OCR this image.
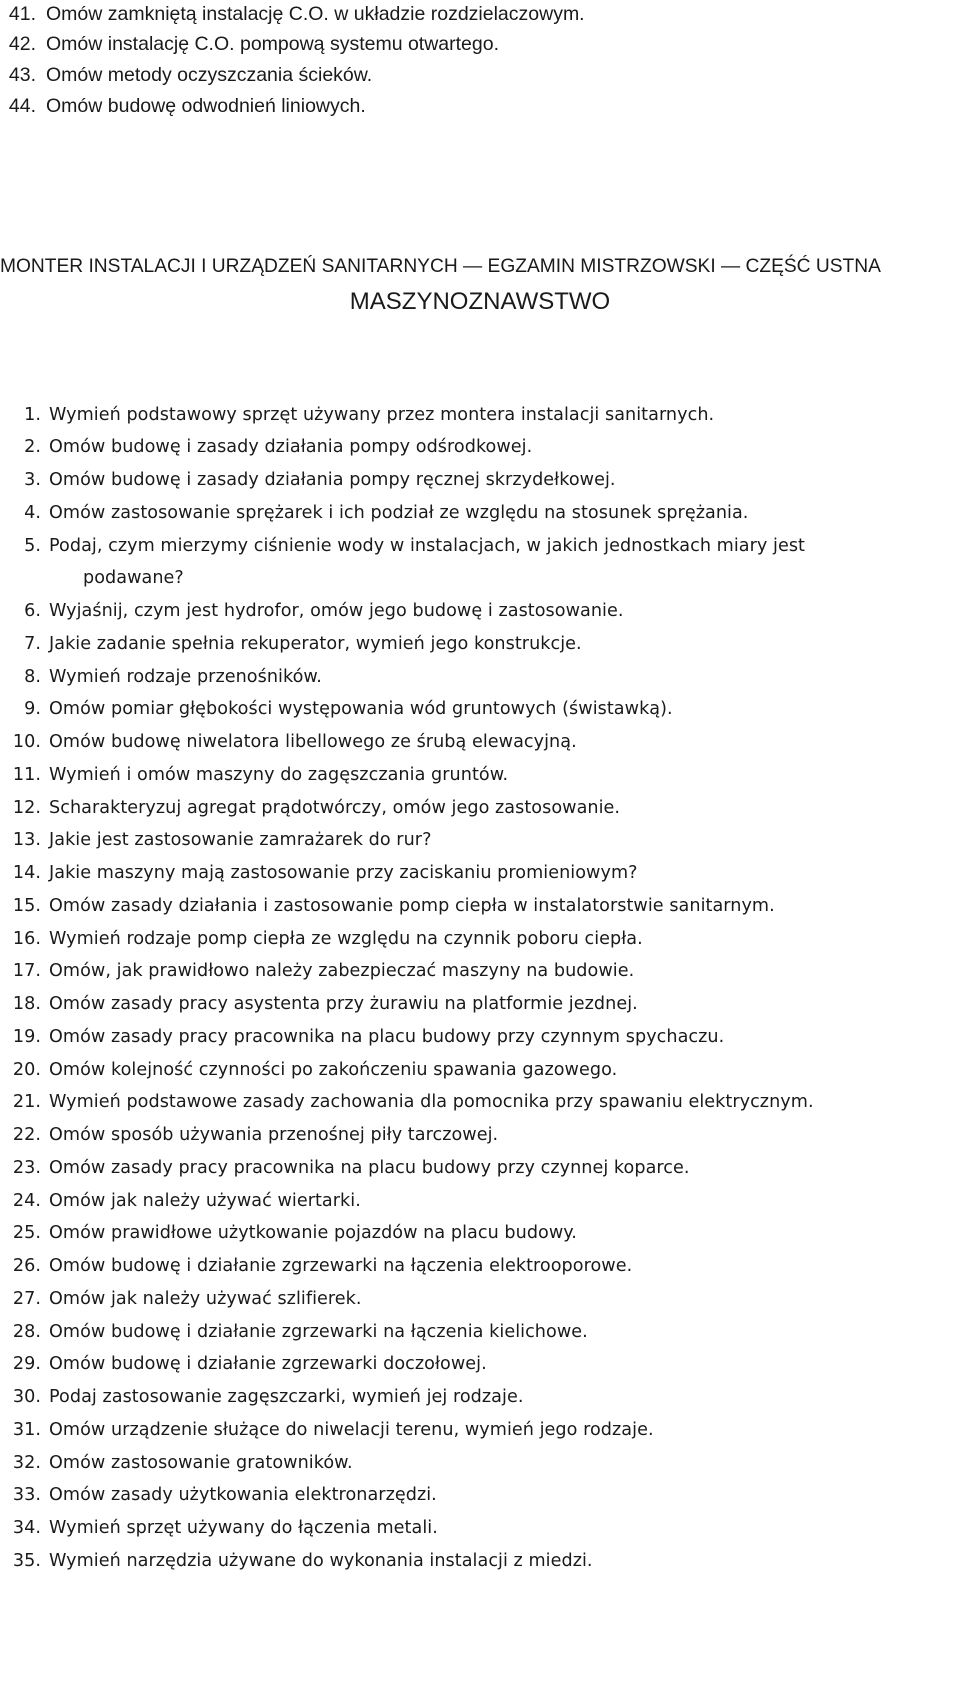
41. Omów zamkniętą instalację C.O. w układzie rozdzielaczowym.
42. Omów instalację C.O. pompową systemu otwartego.
43. Omów metody oczyszczania ścieków.
44. Omów budowę odwodnień liniowych.
MONTER INSTALACJI I URZĄDZEŃ SANITARNYCH — EGZAMIN MISTRZOWSKI — CZĘŚĆ USTNA
MASZYNOZNAWSTWO
1. Wymień podstawowy sprzęt używany przez montera instalacji sanitarnych.
2. Omów budowę i zasady działania pompy odśrodkowej.
3. Omów budowę i zasady działania pompy ręcznej skrzydełkowej.
4. Omów zastosowanie sprężarek i ich podział ze względu na stosunek sprężania.
5. Podaj, czym mierzymy ciśnienie wody w instalacjach, w jakich jednostkach miary jest
podawane?
6. Wyjaśnij, czym jest hydrofor, omów jego budowę i zastosowanie.
7. Jakie zadanie spełnia rekuperator, wymień jego konstrukcje.
8. Wymień rodzaje przenośników.
9. Omów pomiar głębokości występowania wód gruntowych (świstawką).
10. Omów budowę niwelatora libellowego ze śrubą elewacyjną.
11. Wymień i omów maszyny do zagęszczania gruntów.
12. Scharakteryzuj agregat prądotwórczy, omów jego zastosowanie.
13. Jakie jest zastosowanie zamrażarek do rur?
14. Jakie maszyny mają zastosowanie przy zaciskaniu promieniowym?
15. Omów zasady działania i zastosowanie pomp ciepła w instalatorstwie sanitarnym.
16. Wymień rodzaje pomp ciepła ze względu na czynnik poboru ciepła.
17. Omów, jak prawidłowo należy zabezpieczać maszyny na budowie.
18. Omów zasady pracy asystenta przy żurawiu na platformie jezdnej.
19. Omów zasady pracy pracownika na placu budowy przy czynnym spychaczu.
20. Omów kolejność czynności po zakończeniu spawania gazowego.
21. Wymień podstawowe zasady zachowania dla pomocnika przy spawaniu elektrycznym.
22. Omów sposób używania przenośnej piły tarczowej.
23. Omów zasady pracy pracownika na placu budowy przy czynnej koparce.
24. Omów jak należy używać wiertarki.
25. Omów prawidłowe użytkowanie pojazdów na placu budowy.
26. Omów budowę i działanie zgrzewarki na łączenia elektrooporowe.
27. Omów jak należy używać szlifierek.
28. Omów budowę i działanie zgrzewarki na łączenia kielichowe.
29. Omów budowę i działanie zgrzewarki doczołowej.
30. Podaj zastosowanie zagęszczarki, wymień jej rodzaje.
31. Omów urządzenie służące do niwelacji terenu, wymień jego rodzaje.
32. Omów zastosowanie gratowników.
33. Omów zasady użytkowania elektronarzędzi.
34. Wymień sprzęt używany do łączenia metali.
35. Wymień narzędzia używane do wykonania instalacji z miedzi.
